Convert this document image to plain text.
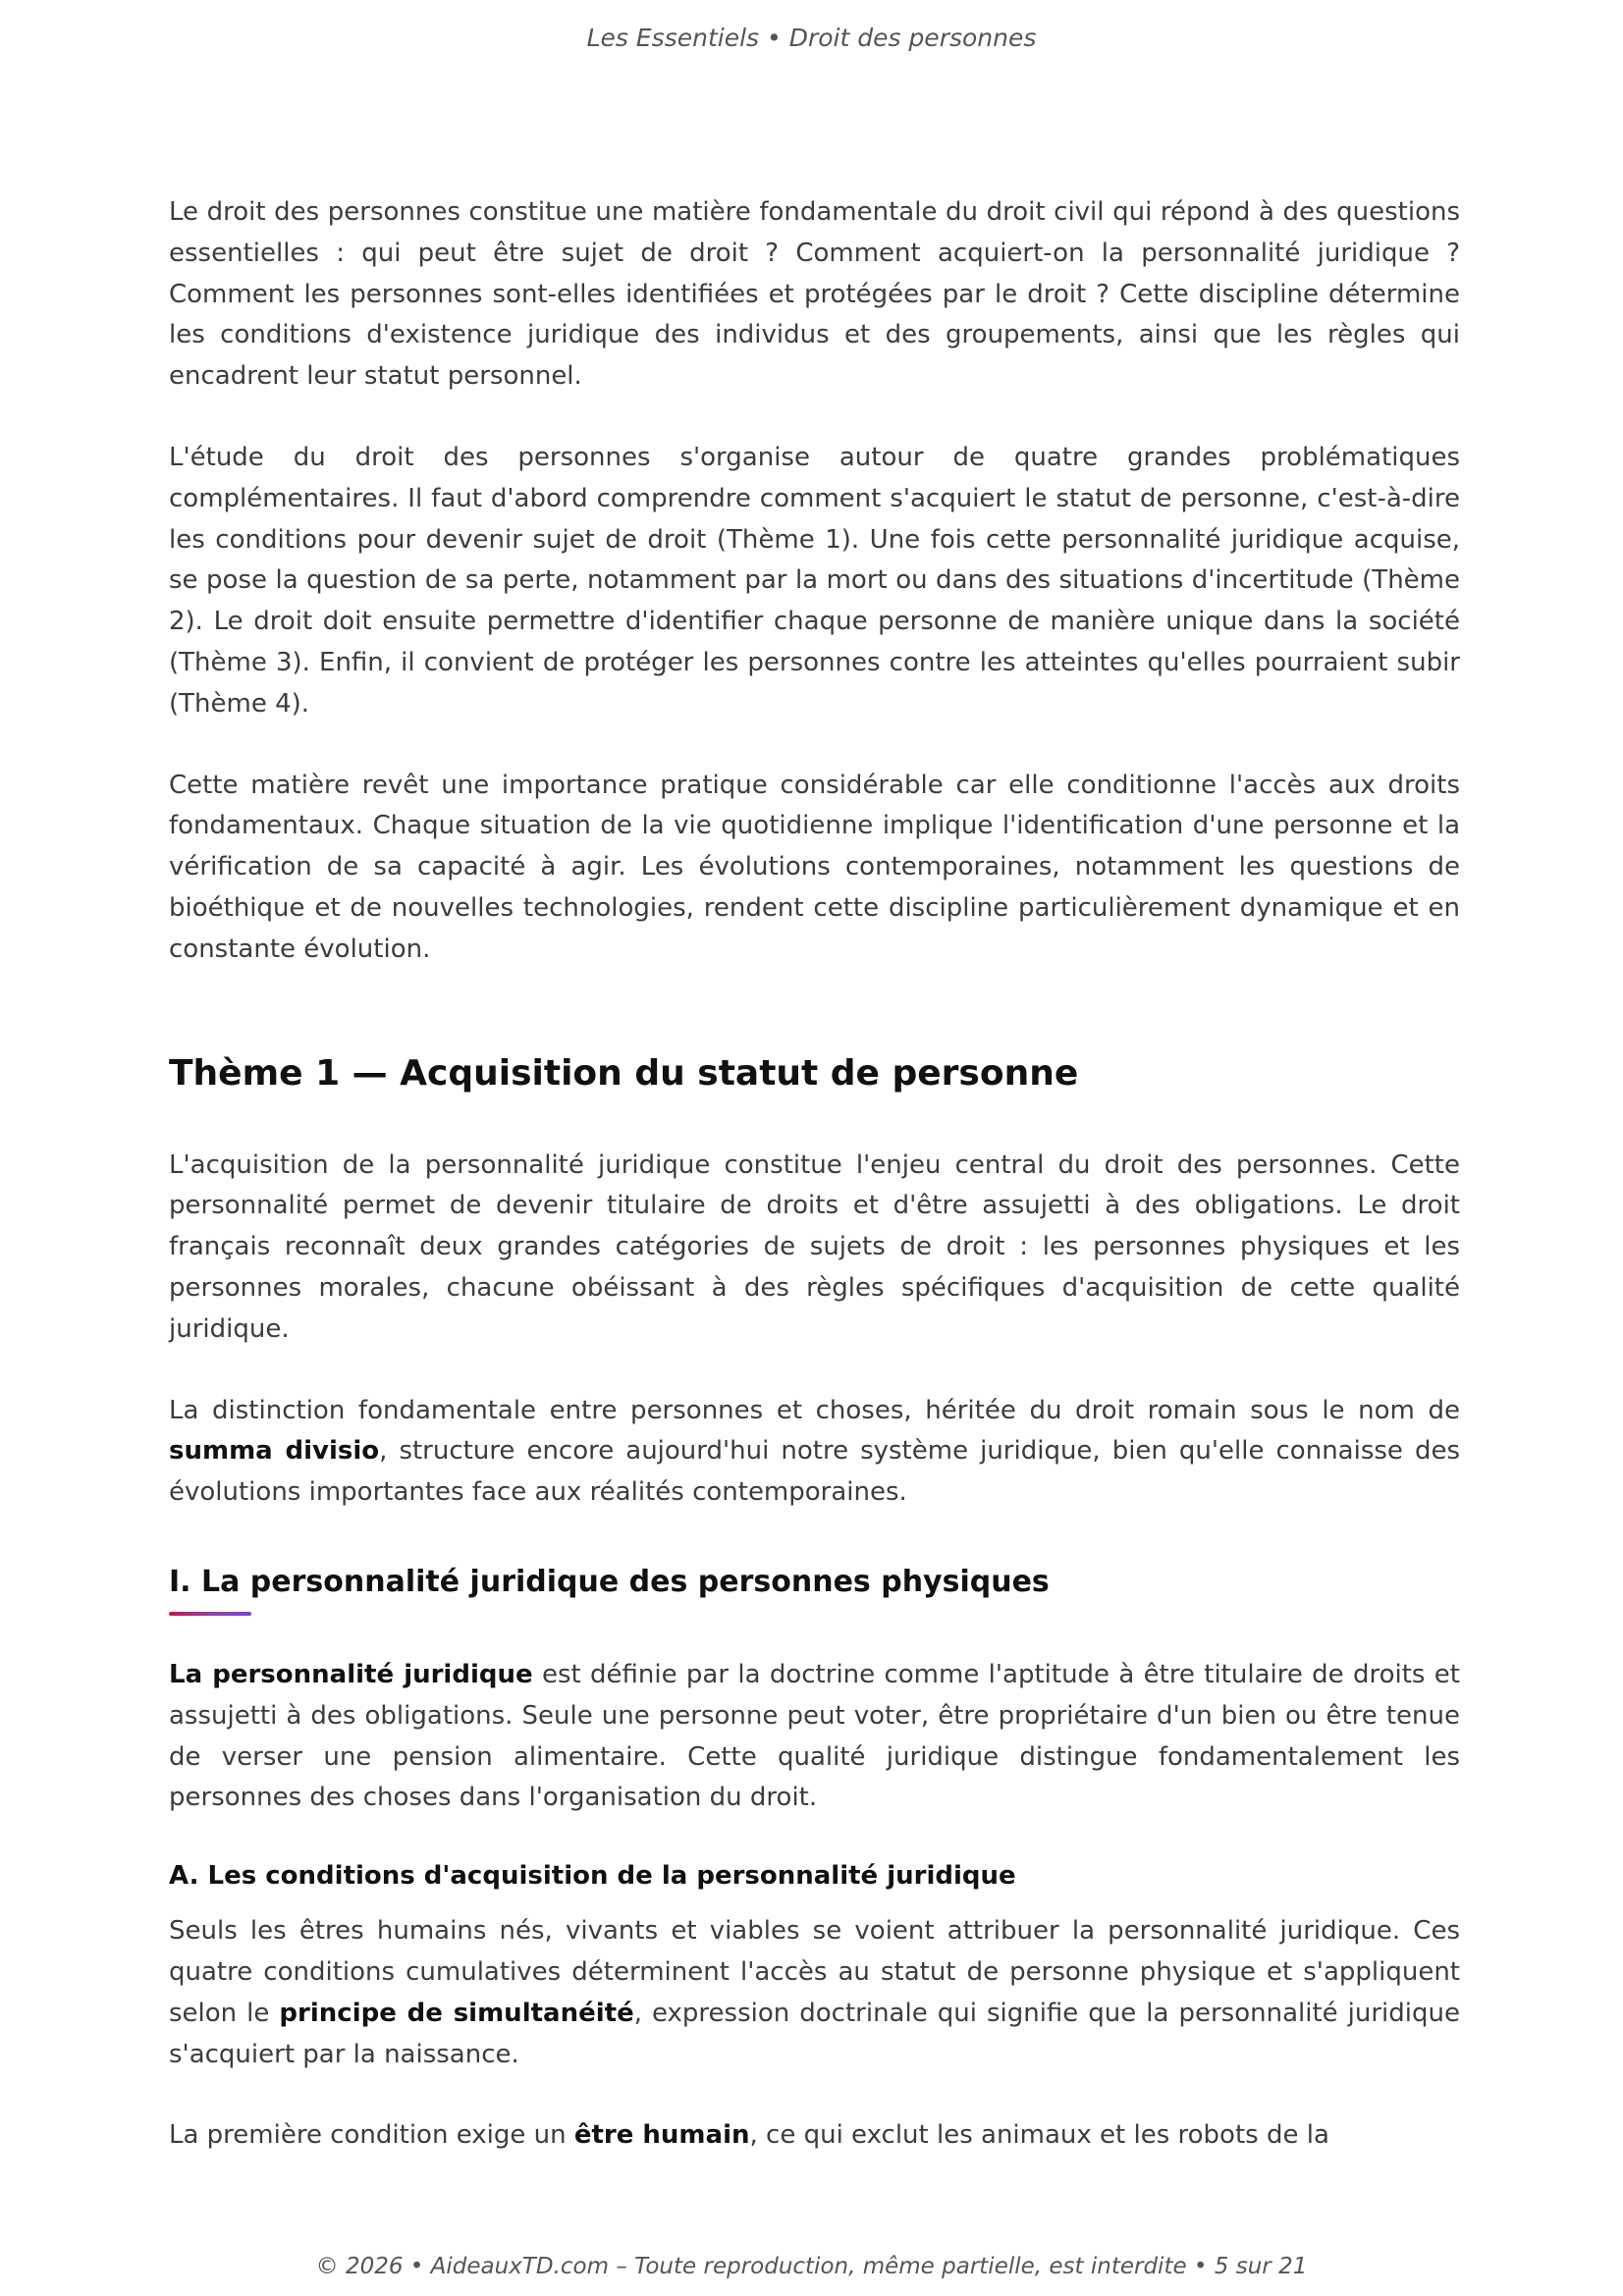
Les Essentiels • Droit des personnes

Le droit des personnes constitue une matière fondamentale du droit civil qui répond à des questions essentielles : qui peut être sujet de droit ? Comment acquiert-on la personnalité juridique ? Comment les personnes sont-elles identifiées et protégées par le droit ? Cette discipline détermine les conditions d'existence juridique des individus et des groupements, ainsi que les règles qui encadrent leur statut personnel.

L'étude du droit des personnes s'organise autour de quatre grandes problématiques complémentaires. Il faut d'abord comprendre comment s'acquiert le statut de personne, c'est-à-dire les conditions pour devenir sujet de droit (Thème 1). Une fois cette personnalité juridique acquise, se pose la question de sa perte, notamment par la mort ou dans des situations d'incertitude (Thème 2). Le droit doit ensuite permettre d'identifier chaque personne de manière unique dans la société (Thème 3). Enfin, il convient de protéger les personnes contre les atteintes qu'elles pourraient subir (Thème 4).

Cette matière revêt une importance pratique considérable car elle conditionne l'accès aux droits fondamentaux. Chaque situation de la vie quotidienne implique l'identification d'une personne et la vérification de sa capacité à agir. Les évolutions contemporaines, notamment les questions de bioéthique et de nouvelles technologies, rendent cette discipline particulièrement dynamique et en constante évolution.

Thème 1 — Acquisition du statut de personne

L'acquisition de la personnalité juridique constitue l'enjeu central du droit des personnes. Cette personnalité permet de devenir titulaire de droits et d'être assujetti à des obligations. Le droit français reconnaît deux grandes catégories de sujets de droit : les personnes physiques et les personnes morales, chacune obéissant à des règles spécifiques d'acquisition de cette qualité juridique.

La distinction fondamentale entre personnes et choses, héritée du droit romain sous le nom de summa divisio, structure encore aujourd'hui notre système juridique, bien qu'elle connaisse des évolutions importantes face aux réalités contemporaines.

I. La personnalité juridique des personnes physiques

La personnalité juridique est définie par la doctrine comme l'aptitude à être titulaire de droits et assujetti à des obligations. Seule une personne peut voter, être propriétaire d'un bien ou être tenue de verser une pension alimentaire. Cette qualité juridique distingue fondamentalement les personnes des choses dans l'organisation du droit.

A. Les conditions d'acquisition de la personnalité juridique

Seuls les êtres humains nés, vivants et viables se voient attribuer la personnalité juridique. Ces quatre conditions cumulatives déterminent l'accès au statut de personne physique et s'appliquent selon le principe de simultanéité, expression doctrinale qui signifie que la personnalité juridique s'acquiert par la naissance.

La première condition exige un être humain, ce qui exclut les animaux et les robots de la

© 2026 • AideauxTD.com – Toute reproduction, même partielle, est interdite • 5 sur 21
